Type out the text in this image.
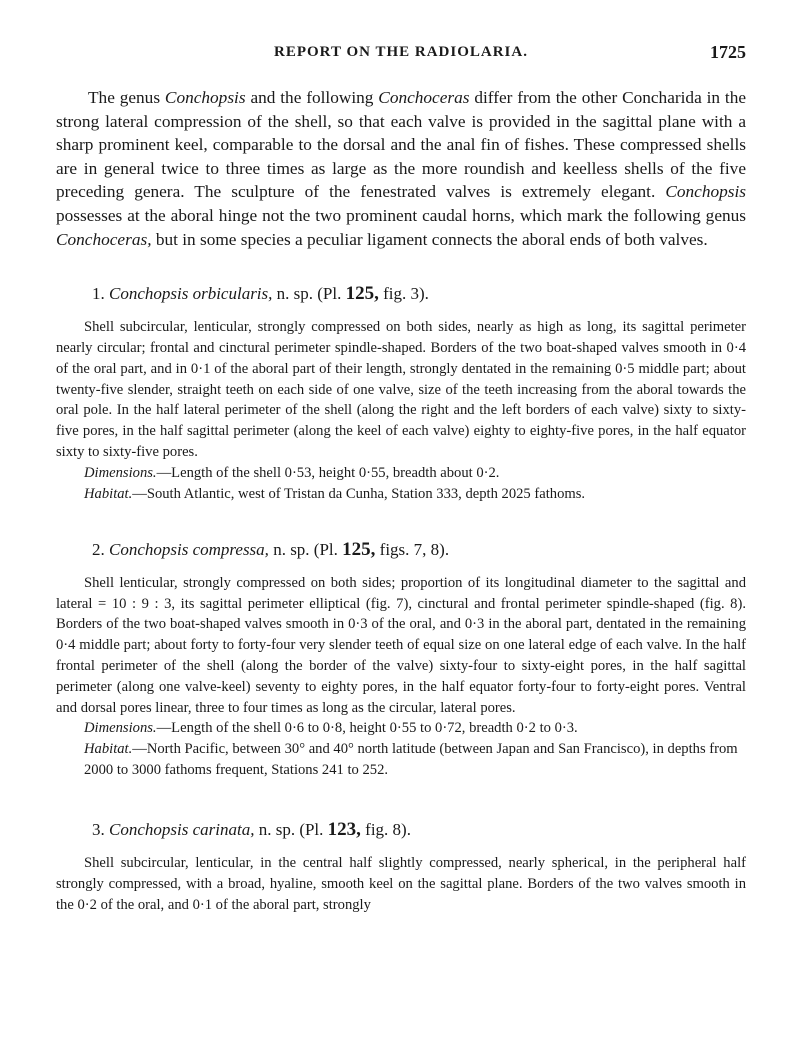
REPORT ON THE RADIOLARIA.	1725

The genus Conchopsis and the following Conchoceras differ from the other Concharida in the strong lateral compression of the shell, so that each valve is provided in the sagittal plane with a sharp prominent keel, comparable to the dorsal and the anal fin of fishes. These compressed shells are in general twice to three times as large as the more roundish and keelless shells of the five preceding genera. The sculpture of the fenestrated valves is extremely elegant. Conchopsis possesses at the aboral hinge not the two prominent caudal horns, which mark the following genus Conchoceras, but in some species a peculiar ligament connects the aboral ends of both valves.

1. Conchopsis orbicularis, n. sp. (Pl. 125, fig. 3).

Shell subcircular, lenticular, strongly compressed on both sides, nearly as high as long, its sagittal perimeter nearly circular; frontal and cinctural perimeter spindle-shaped. Borders of the two boat-shaped valves smooth in 0·4 of the oral part, and in 0·1 of the aboral part of their length, strongly dentated in the remaining 0·5 middle part; about twenty-five slender, straight teeth on each side of one valve, size of the teeth increasing from the aboral towards the oral pole. In the half lateral perimeter of the shell (along the right and the left borders of each valve) sixty to sixty-five pores, in the half sagittal perimeter (along the keel of each valve) eighty to eighty-five pores, in the half equator sixty to sixty-five pores.

Dimensions.—Length of the shell 0·53, height 0·55, breadth about 0·2.

Habitat.—South Atlantic, west of Tristan da Cunha, Station 333, depth 2025 fathoms.

2. Conchopsis compressa, n. sp. (Pl. 125, figs. 7, 8).

Shell lenticular, strongly compressed on both sides; proportion of its longitudinal diameter to the sagittal and lateral = 10 : 9 : 3, its sagittal perimeter elliptical (fig. 7), cinctural and frontal perimeter spindle-shaped (fig. 8). Borders of the two boat-shaped valves smooth in 0·3 of the oral, and 0·3 in the aboral part, dentated in the remaining 0·4 middle part; about forty to forty-four very slender teeth of equal size on one lateral edge of each valve. In the half frontal perimeter of the shell (along the border of the valve) sixty-four to sixty-eight pores, in the half sagittal perimeter (along one valve-keel) seventy to eighty pores, in the half equator forty-four to forty-eight pores. Ventral and dorsal pores linear, three to four times as long as the circular, lateral pores.

Dimensions.—Length of the shell 0·6 to 0·8, height 0·55 to 0·72, breadth 0·2 to 0·3.

Habitat.—North Pacific, between 30° and 40° north latitude (between Japan and San Francisco), in depths from 2000 to 3000 fathoms frequent, Stations 241 to 252.

3. Conchopsis carinata, n. sp. (Pl. 123, fig. 8).

Shell subcircular, lenticular, in the central half slightly compressed, nearly spherical, in the peripheral half strongly compressed, with a broad, hyaline, smooth keel on the sagittal plane. Borders of the two valves smooth in the 0·2 of the oral, and 0·1 of the aboral part, strongly
